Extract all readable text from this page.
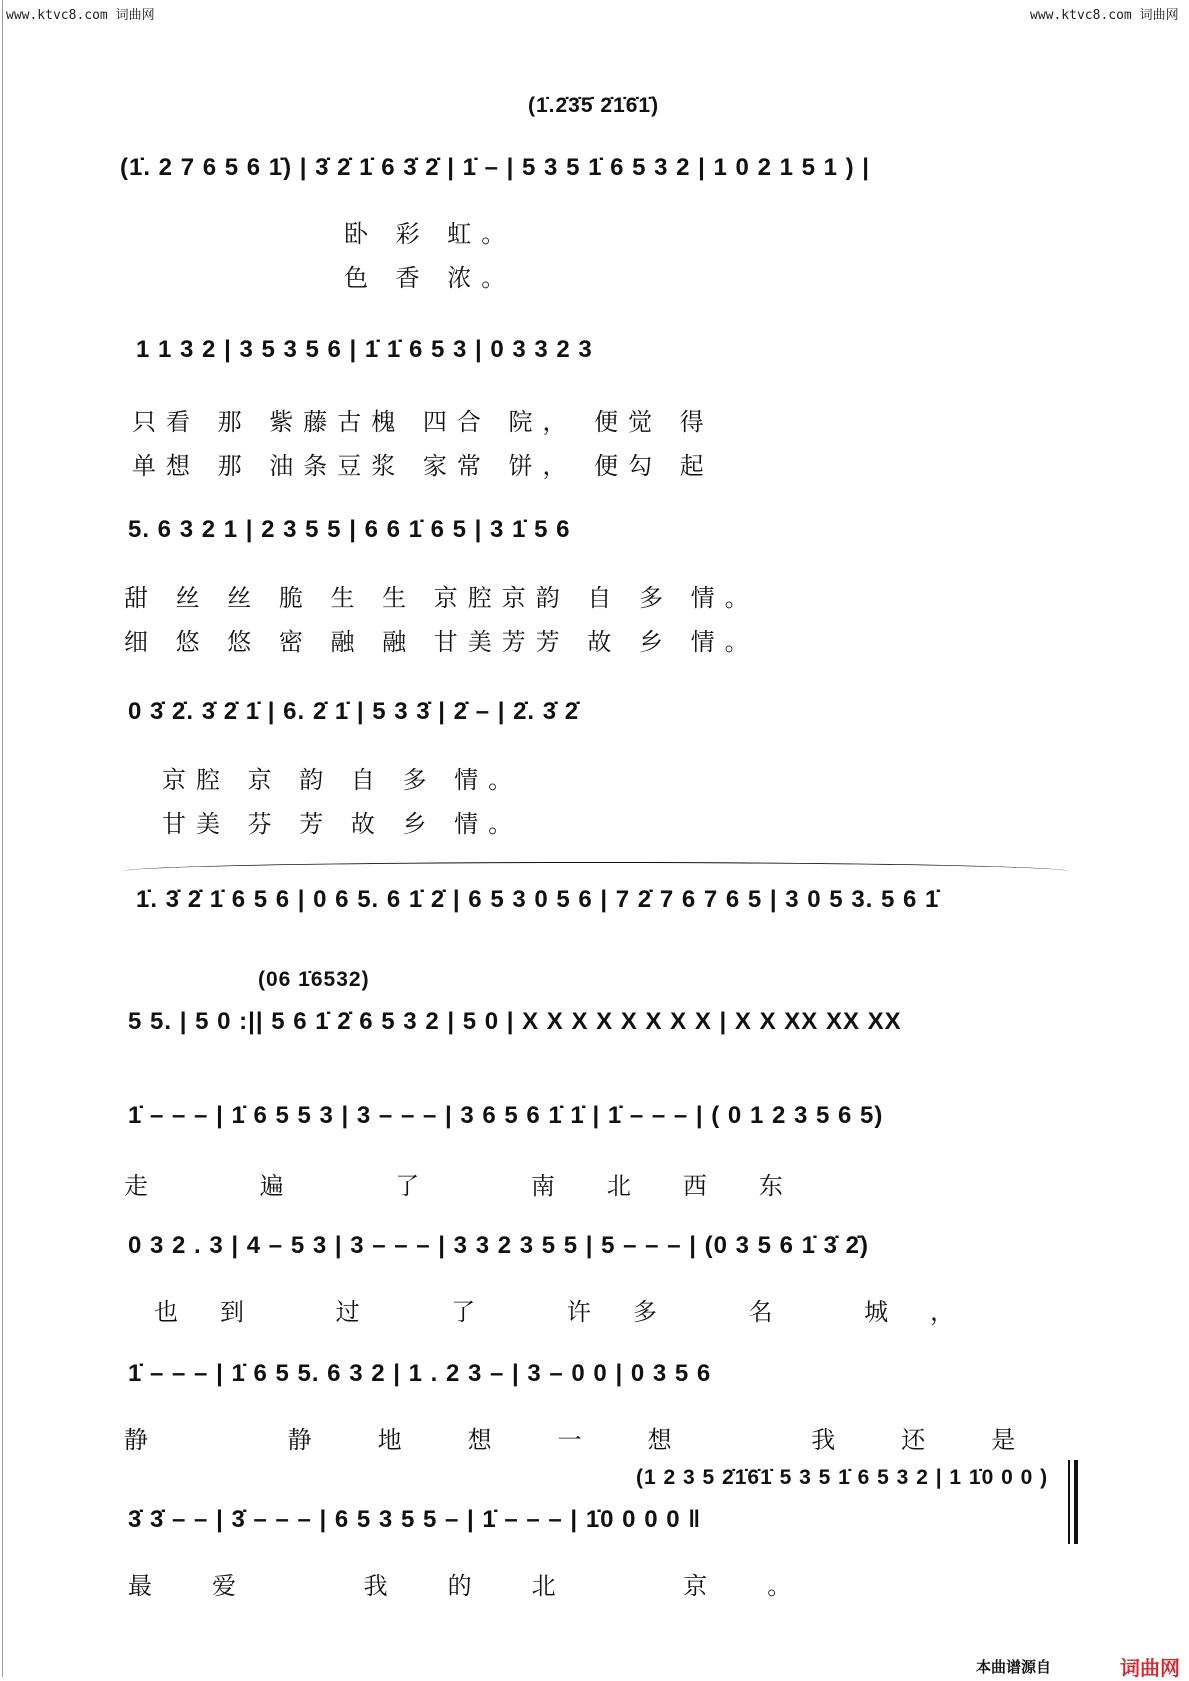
www.ktvc8.com 词曲网	www.ktvc8.com 词曲网
(1̇.2̇3̇5̇ 2̇1̇6̇1̇)
(1̇. 2 7 6 5 6 1̇) | 3̇ 2̇ 1̇ 6 3̇ 2̇ | 1̇ – | 5 3 5 1̇ 6 5 3 2 | 1 0 2 1 5 1 ) |
卧 彩 虹。
色 香 浓。
1 1 3 2 | 3 5 3 5 6 | 1̇ 1̇ 6 5 3 | 0 3 3 2 3
只看 那 紫藤古槐 四合 院， 便觉 得
单想 那 油条豆浆 家常 饼， 便勾 起
5. 6 3 2 1 | 2 3 5 5 | 6 6 1̇ 6 5 | 3 1̇ 5 6
甜 丝 丝 脆 生 生 京腔京韵 自 多 情。
细 悠 悠 密 融 融 甘美芳芳 故 乡 情。
0 3̇ 2̇. 3̇ 2̇ 1̇ | 6. 2̇ 1̇ | 5 3 3̇ | 2̇ – | 2̇. 3̇ 2̇
京腔 京 韵 自 多 情。
甘美 芬 芳 故 乡 情。
1̇. 3̇ 2̇ 1̇ 6 5 6 | 0 6 5. 6 1̇ 2̇ | 6 5 3 0 5 6 | 7 2̇ 7 6 7 6 5 | 3 0 5 3. 5 6 1̇
(06 1̇6532)
5 5. | 5 0 :|| 5 6 1̇ 2̇ 6 5 3 2 | 5 0 | X X X X X X X X | X X XX XX XX
1̇ – – – | 1̇ 6 5 5 3 | 3 – – – | 3 6 5 6 1̇ 1̇ | 1̇ – – – | ( 0 1 2 3 5 6 5)
走 遍 了 南北西东
0 3 2 . 3 | 4 – 5 3 | 3 – – – | 3 3 2 3 5 5 | 5 – – – | (0 3 5 6 1̇ 3̇ 2̇)
也到 过 了 许多 名 城，
1̇ – – – | 1̇ 6 5 5. 6 3 2 | 1 . 2 3 – | 3 – 0 0 | 0 3 5 6
静 静地想一想 我还是
(1 2 3 5 2̇1̇6̇1̇ 5 3 5 1̇ 6 5 3 2 | 1 1̇0 0 0 )
3̇ 3̇ – – | 3̇ – – – | 6 5 3 5 5 – | 1̇ – – – | 1̇0 0 0 0 ‖
最爱 我的北 京。
本曲谱源自	词曲网
